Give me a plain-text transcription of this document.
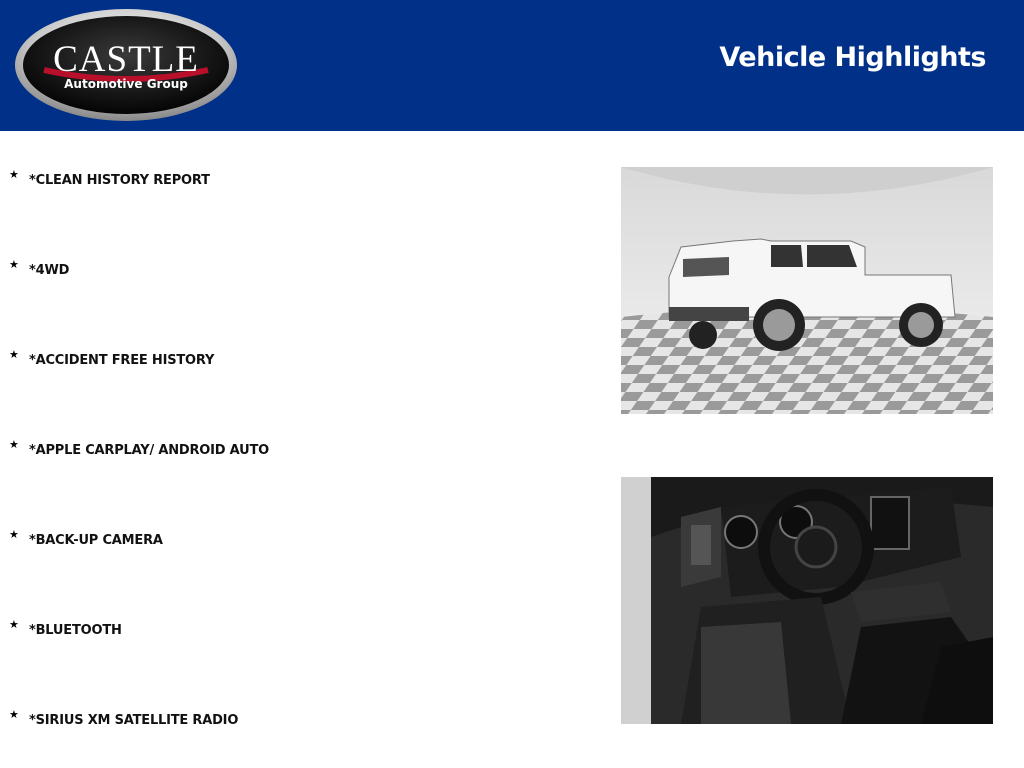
CASTLE
Automotive Group
Vehicle Highlights
★ *CLEAN HISTORY REPORT
★ *4WD
★ *ACCIDENT FREE HISTORY
★ *APPLE CARPLAY/ ANDROID AUTO
★ *BACK-UP CAMERA
★ *BLUETOOTH
★ *SIRIUS XM SATELLITE RADIO
